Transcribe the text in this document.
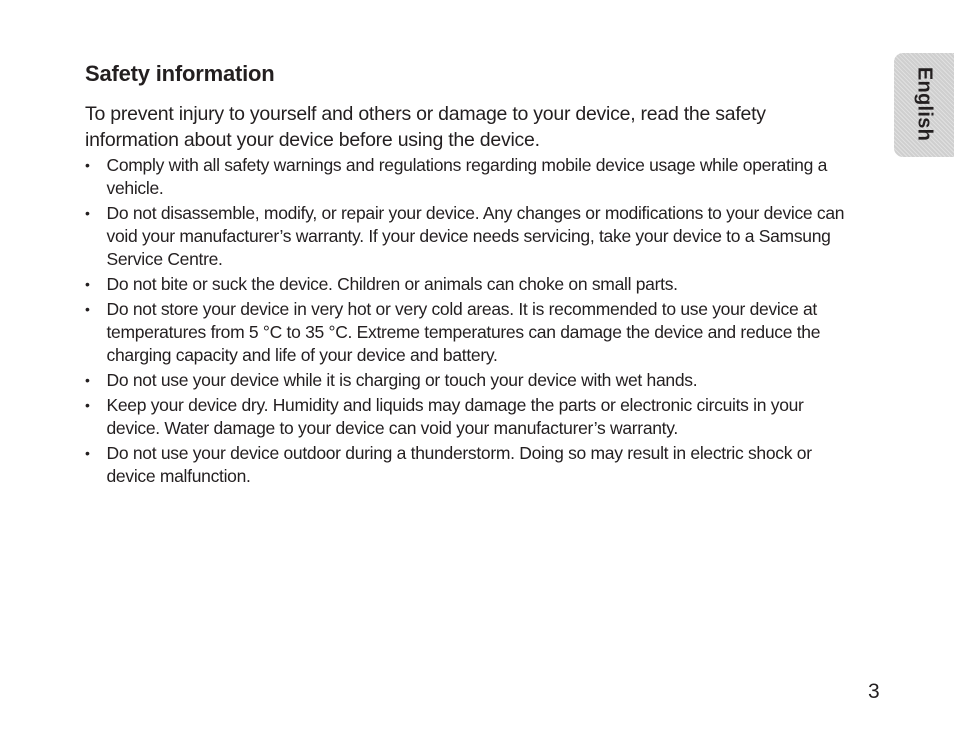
Safety information

To prevent injury to yourself and others or damage to your device, read the safety information about your device before using the device.

• Comply with all safety warnings and regulations regarding mobile device usage while operating a vehicle.
• Do not disassemble, modify, or repair your device. Any changes or modifications to your device can void your manufacturer’s warranty. If your device needs servicing, take your device to a Samsung Service Centre.
• Do not bite or suck the device. Children or animals can choke on small parts.
• Do not store your device in very hot or very cold areas. It is recommended to use your device at temperatures from 5 °C to 35 °C. Extreme temperatures can damage the device and reduce the charging capacity and life of your device and battery.
• Do not use your device while it is charging or touch your device with wet hands.
• Keep your device dry. Humidity and liquids may damage the parts or electronic circuits in your device. Water damage to your device can void your manufacturer’s warranty.
• Do not use your device outdoor during a thunderstorm. Doing so may result in electric shock or device malfunction.
English
3
